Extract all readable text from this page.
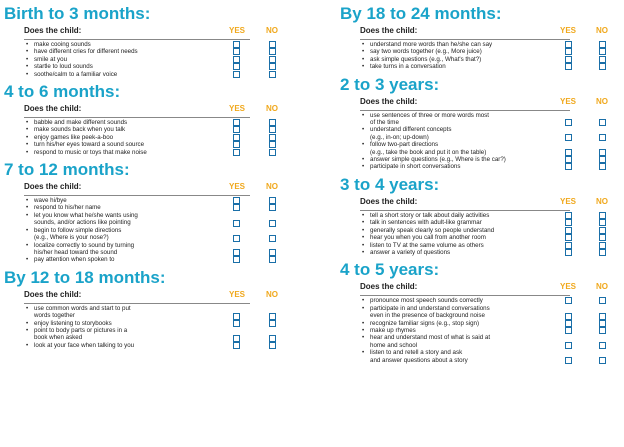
Birth to 3 months:
Does the child:	YES	NO
• make cooing sounds
• have different cries for different needs
• smile at you
• startle to loud sounds
• soothe/calm to a familiar voice
4 to 6 months:
Does the child:	YES	NO
• babble and make different sounds
• make sounds back when you talk
• enjoy games like peek-a-boo
• turn his/her eyes toward a sound source
• respond to music or toys that make noise
7 to 12 months:
Does the child:	YES	NO
• wave hi/bye
• respond to his/her name
• let you know what he/she wants using
sounds, and/or actions like pointing
• begin to follow simple directions
(e.g., Where is your nose?)
• localize correctly to sound by turning
his/her head toward the sound
• pay attention when spoken to
By 12 to 18 months:
Does the child:	YES	NO
• use common words and start to put
words together
• enjoy listening to storybooks
• point to body parts or pictures in a
book when asked
• look at your face when talking to you
By 18 to 24 months:
Does the child:	YES NO
• understand more words than he/she can say
• say two words together (e.g., More juice)
• ask simple questions (e.g., What's that?)
• take turns in a conversation
2 to 3 years:
Does the child:	YES NO
• use sentences of three or more words most
of the time
• understand different concepts
(e.g., in-on; up-down)
• follow two-part directions
(e.g., take the book and put it on the table)
• answer simple questions (e.g., Where is the car?)
• participate in short conversations
3 to 4 years:
Does the child:	YES NO
• tell a short story or talk about daily activities
• talk in sentences with adult-like grammar
• generally speak clearly so people understand
• hear you when you call from another room
• listen to TV at the same volume as others
• answer a variety of questions
4 to 5 years:
Does the child:	YES NO
• pronounce most speech sounds correctly
• participate in and understand conversations
even in the presence of background noise
• recognize familiar signs (e.g., stop sign)
• make up rhymes
• hear and understand most of what is said at
home and school
• listen to and retell a story and ask
and answer questions about a story
